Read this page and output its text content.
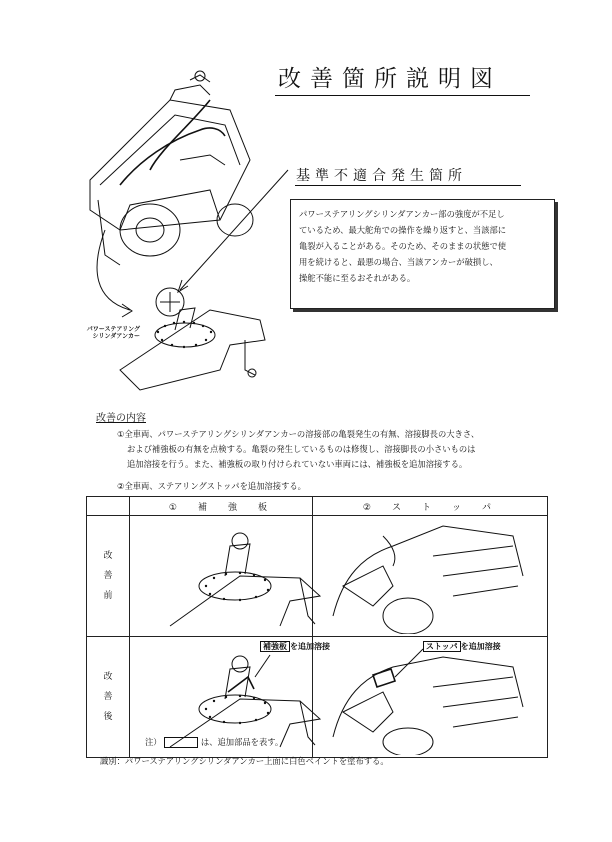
改善箇所説明図
パワーステアリング
シリンダアンカー
基準不適合発生箇所
パワーステアリングシリンダアンカー部の強度が不足し
ているため、最大舵角での操作を繰り返すと、当該部に
亀裂が入ることがある。そのため、そのままの状態で使
用を続けると、最悪の場合、当該アンカーが破損し、
操舵不能に至るおそれがある。
改善の内容
①全車両、パワーステアリングシリンダアンカーの溶接部の亀裂発生の有無、溶接脚長の大きさ、
および補強板の有無を点検する。亀裂の発生しているものは修復し、溶接脚長の小さいものは
追加溶接を行う。また、補強板の取り付けられていない車両には、補強板を追加溶接する。
②全車両、ステアリングストッパを追加溶接する。
	①　補　強　板	②　ス　ト　ッ　パ

改
善
前

改
善
後	補強板 を追加溶接	ストッパ を追加溶接
注）	は、追加部品を表す。
識別：パワーステアリングシリンダアンカー上面に白色ペイントを塗布する。
